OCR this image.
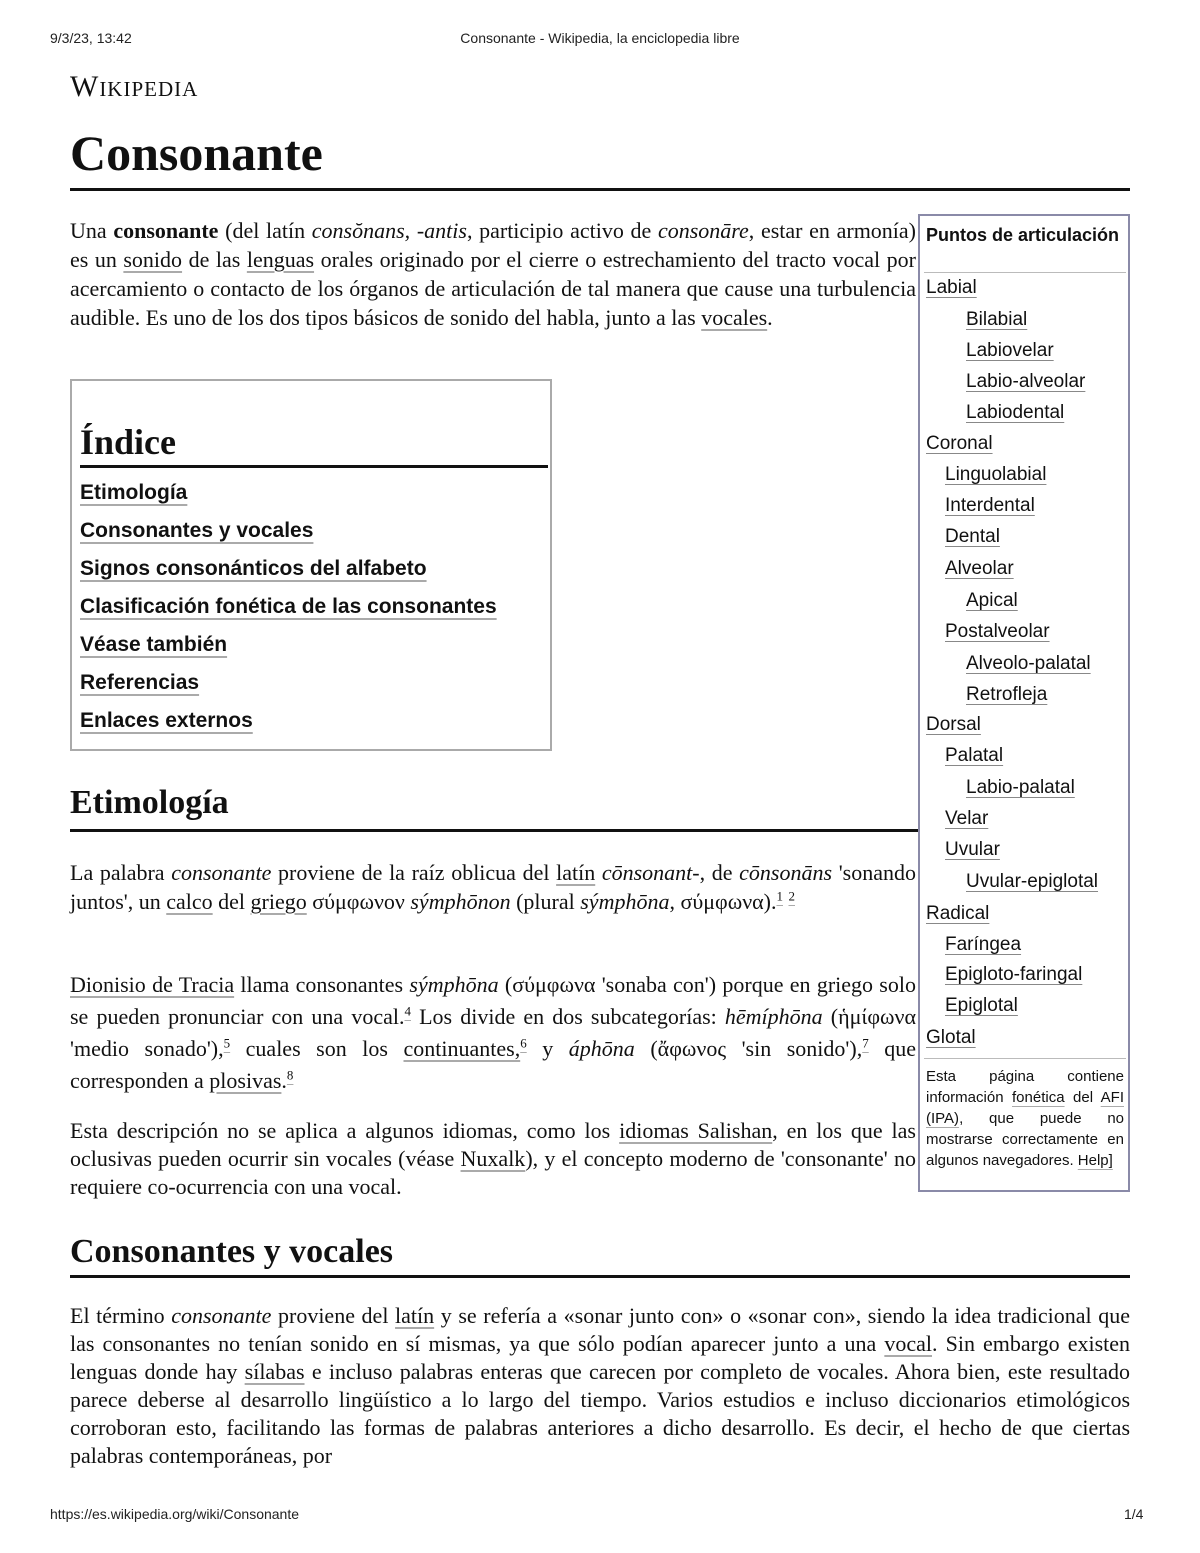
9/3/23, 13:42	Consonante - Wikipedia, la enciclopedia libre
https://es.wikipedia.org/wiki/Consonante	1/4
Wikipedia
Consonante

Una consonante (del latín consŏnans, -antis, participio activo de consonāre, estar en armonía) es un sonido de las lenguas orales originado por el cierre o estrechamiento del tracto vocal por acercamiento o contacto de los órganos de articulación de tal manera que cause una turbulencia audible. Es uno de los dos tipos básicos de sonido del habla, junto a las vocales.

Índice
Etimología
Consonantes y vocales
Signos consonánticos del alfabeto
Clasificación fonética de las consonantes
Véase también
Referencias
Enlaces externos
Etimología

La palabra consonante proviene de la raíz oblicua del latín cōnsonant-, de cōnsonāns 'sonando juntos', un calco del griego σύμφωνον sýmphōnon (plural sýmphōna, σύμφωνα).$^1$ $^2$

Dionisio de Tracia llama consonantes sýmphōna (σύμφωνα 'sonaba con') porque en griego solo se pueden pronunciar con una vocal.$^4$ Los divide en dos subcategorías: hēmíphōna (ἡμίφωνα 'medio sonado'),$^5$ cuales son los continuantes,$^6$ y áphōna (ἄφωνος 'sin sonido'),$^7$ que corresponden a plosivas.$^8$

Esta descripción no se aplica a algunos idiomas, como los idiomas Salishan, en los que las oclusivas pueden ocurrir sin vocales (véase Nuxalk), y el concepto moderno de 'consonante' no requiere co-ocurrencia con una vocal.

Consonantes y vocales

El término consonante proviene del latín y se refería a «sonar junto con» o «sonar con», siendo la idea tradicional que las consonantes no tenían sonido en sí mismas, ya que sólo podían aparecer junto a una vocal. Sin embargo existen lenguas donde hay sílabas e incluso palabras enteras que carecen por completo de vocales. Ahora bien, este resultado parece deberse al desarrollo lingüístico a lo largo del tiempo. Varios estudios e incluso diccionarios etimológicos corroboran esto, facilitando las formas de palabras anteriores a dicho desarrollo. Es decir, el hecho de que ciertas palabras contemporáneas, por

Puntos de articulación
Labial
Bilabial
Labiovelar
Labio-alveolar
Labiodental
Coronal
Linguolabial
Interdental
Dental
Alveolar
Apical
Postalveolar
Alveolo-palatal
Retrofleja
Dorsal
Palatal
Labio-palatal
Velar
Uvular
Uvular-epiglotal
Radical
Faríngea
Epigloto-faringal
Epiglotal
Glotal
Esta página contiene información fonética del AFI (IPA), que puede no mostrarse correctamente en algunos navegadores. Help]
